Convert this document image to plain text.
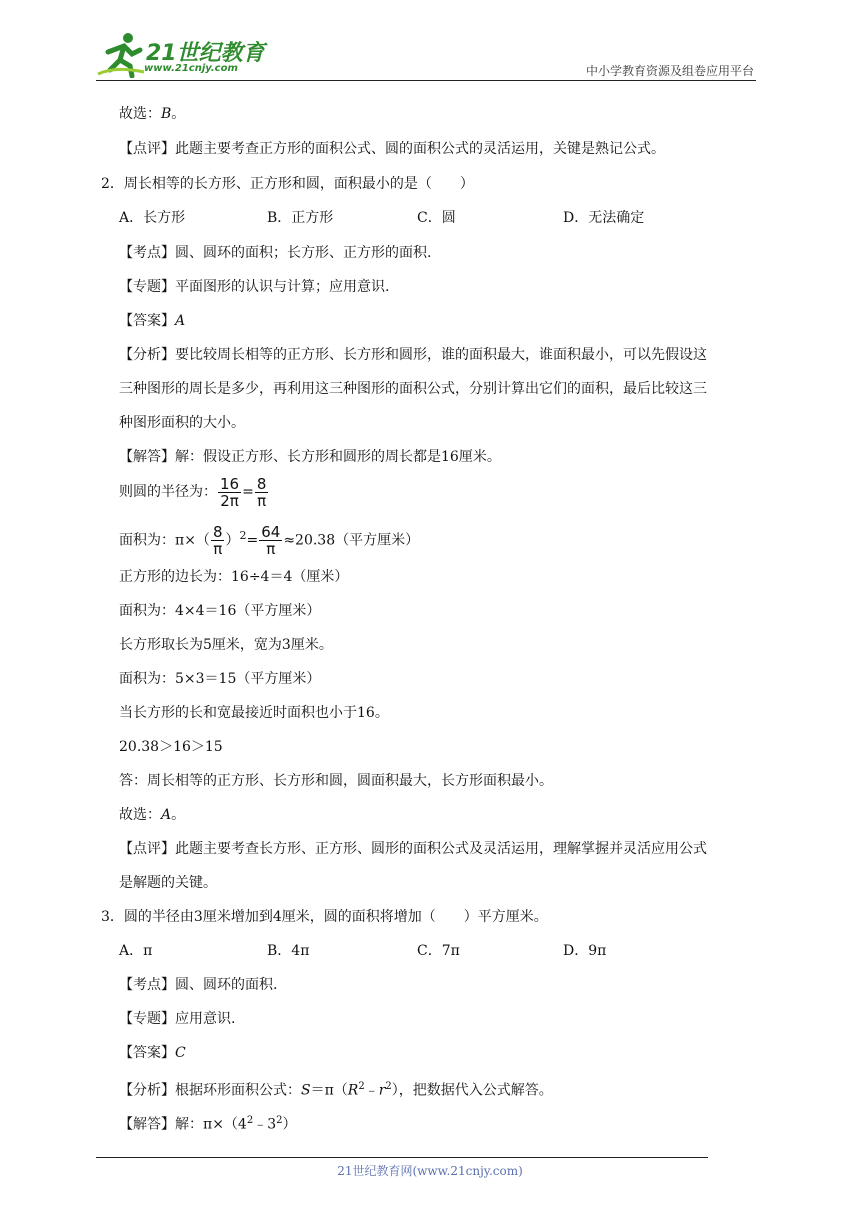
21世纪教育
www.21cnjy.com	中小学教育资源及组卷应用平台
故选：B。
【点评】此题主要考查正方形的面积公式、圆的面积公式的灵活运用，关键是熟记公式。
2．周长相等的长方形、正方形和圆，面积最小的是（　　）
A．长方形	B．正方形	C．圆	D．无法确定
【考点】圆、圆环的面积；长方形、正方形的面积.
【专题】平面图形的认识与计算；应用意识.
【答案】A
【分析】要比较周长相等的正方形、长方形和圆形，谁的面积最大，谁面积最小，可以先假设这
三种图形的周长是多少，再利用这三种图形的面积公式，分别计算出它们的面积，最后比较这三
种图形面积的大小。
【解答】解：假设正方形、长方形和圆形的周长都是16厘米。
则圆的半径为： $\frac{16}{2\pi} = \frac{8}{\pi}$
面积为：$\pi\times( \frac{8}{\pi} )^2= \frac{64}{\pi} \approx 20.38$（平方厘米）
正方形的边长为：16÷4＝4（厘米）
面积为：4×4＝16（平方厘米）
长方形取长为5厘米，宽为3厘米。
面积为：5×3＝15（平方厘米）
当长方形的长和宽最接近时面积也小于16。
20.38＞16＞15
答：周长相等的正方形、长方形和圆，圆面积最大，长方形面积最小。
故选：A。
【点评】此题主要考查长方形、正方形、圆形的面积公式及灵活运用，理解掌握并灵活应用公式
是解题的关键。
3．圆的半径由3厘米增加到4厘米，圆的面积将增加（　　）平方厘米。
A．π	B．4π	C．7π	D．9π
【考点】圆、圆环的面积.
【专题】应用意识.
【答案】C
【分析】根据环形面积公式：$S=\pi(R^2﹣r^2)$，把数据代入公式解答。
【解答】解：$\pi\times(4^2﹣3^2)$
21世纪教育网(www.21cnjy.com)
